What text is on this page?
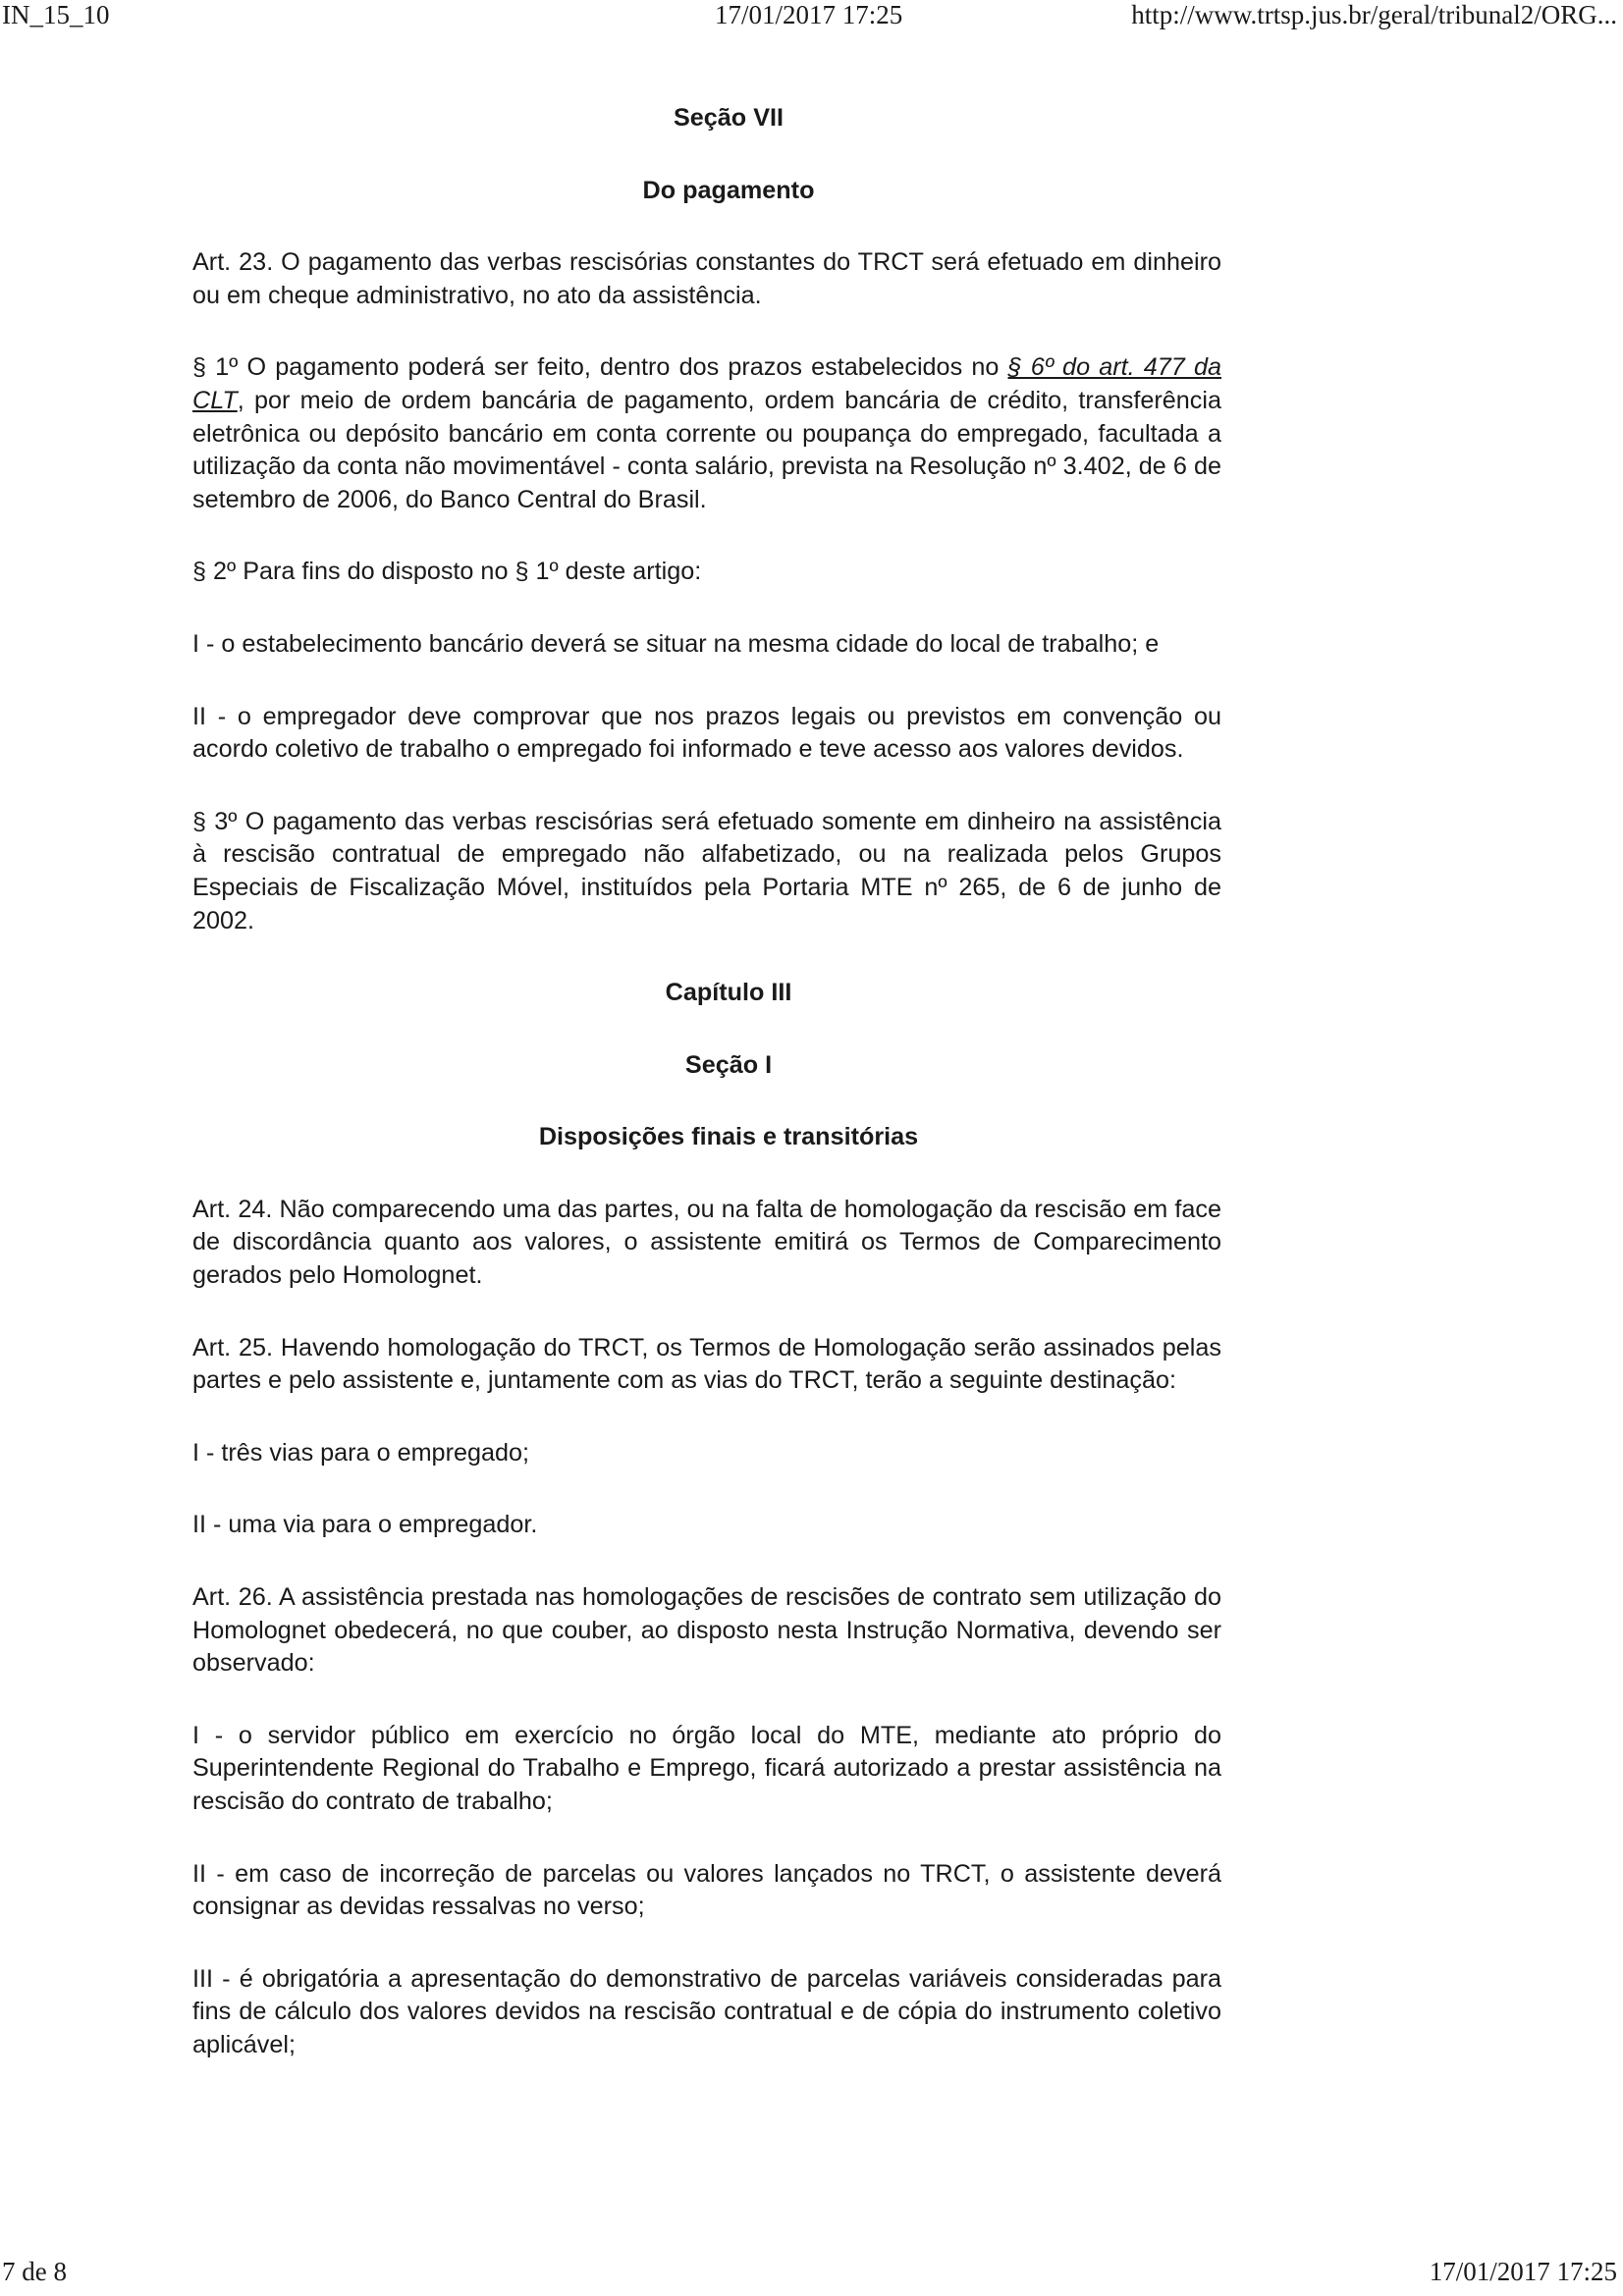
IN_15_10	17/01/2017 17:25	http://www.trtsp.jus.br/geral/tribunal2/ORG...

Seção VII

Do pagamento

Art. 23. O pagamento das verbas rescisórias constantes do TRCT será efetuado em dinheiro ou em cheque administrativo, no ato da assistência.

§ 1º O pagamento poderá ser feito, dentro dos prazos estabelecidos no § 6º do art. 477 da CLT, por meio de ordem bancária de pagamento, ordem bancária de crédito, transferência eletrônica ou depósito bancário em conta corrente ou poupança do empregado, facultada a utilização da conta não movimentável - conta salário, prevista na Resolução nº 3.402, de 6 de setembro de 2006, do Banco Central do Brasil.

§ 2º Para fins do disposto no § 1º deste artigo:

I - o estabelecimento bancário deverá se situar na mesma cidade do local de trabalho; e

II - o empregador deve comprovar que nos prazos legais ou previstos em convenção ou acordo coletivo de trabalho o empregado foi informado e teve acesso aos valores devidos.

§ 3º O pagamento das verbas rescisórias será efetuado somente em dinheiro na assistência à rescisão contratual de empregado não alfabetizado, ou na realizada pelos Grupos Especiais de Fiscalização Móvel, instituídos pela Portaria MTE nº 265, de 6 de junho de 2002.

Capítulo III

Seção I

Disposições finais e transitórias

Art. 24. Não comparecendo uma das partes, ou na falta de homologação da rescisão em face de discordância quanto aos valores, o assistente emitirá os Termos de Comparecimento gerados pelo Homolognet.

Art. 25. Havendo homologação do TRCT, os Termos de Homologação serão assinados pelas partes e pelo assistente e, juntamente com as vias do TRCT, terão a seguinte destinação:

I - três vias para o empregado;

II - uma via para o empregador.

Art. 26. A assistência prestada nas homologações de rescisões de contrato sem utilização do Homolognet obedecerá, no que couber, ao disposto nesta Instrução Normativa, devendo ser observado:

I - o servidor público em exercício no órgão local do MTE, mediante ato próprio do Superintendente Regional do Trabalho e Emprego, ficará autorizado a prestar assistência na rescisão do contrato de trabalho;

II - em caso de incorreção de parcelas ou valores lançados no TRCT, o assistente deverá consignar as devidas ressalvas no verso;

III - é obrigatória a apresentação do demonstrativo de parcelas variáveis consideradas para fins de cálculo dos valores devidos na rescisão contratual e de cópia do instrumento coletivo aplicável;

7 de 8	17/01/2017 17:25
